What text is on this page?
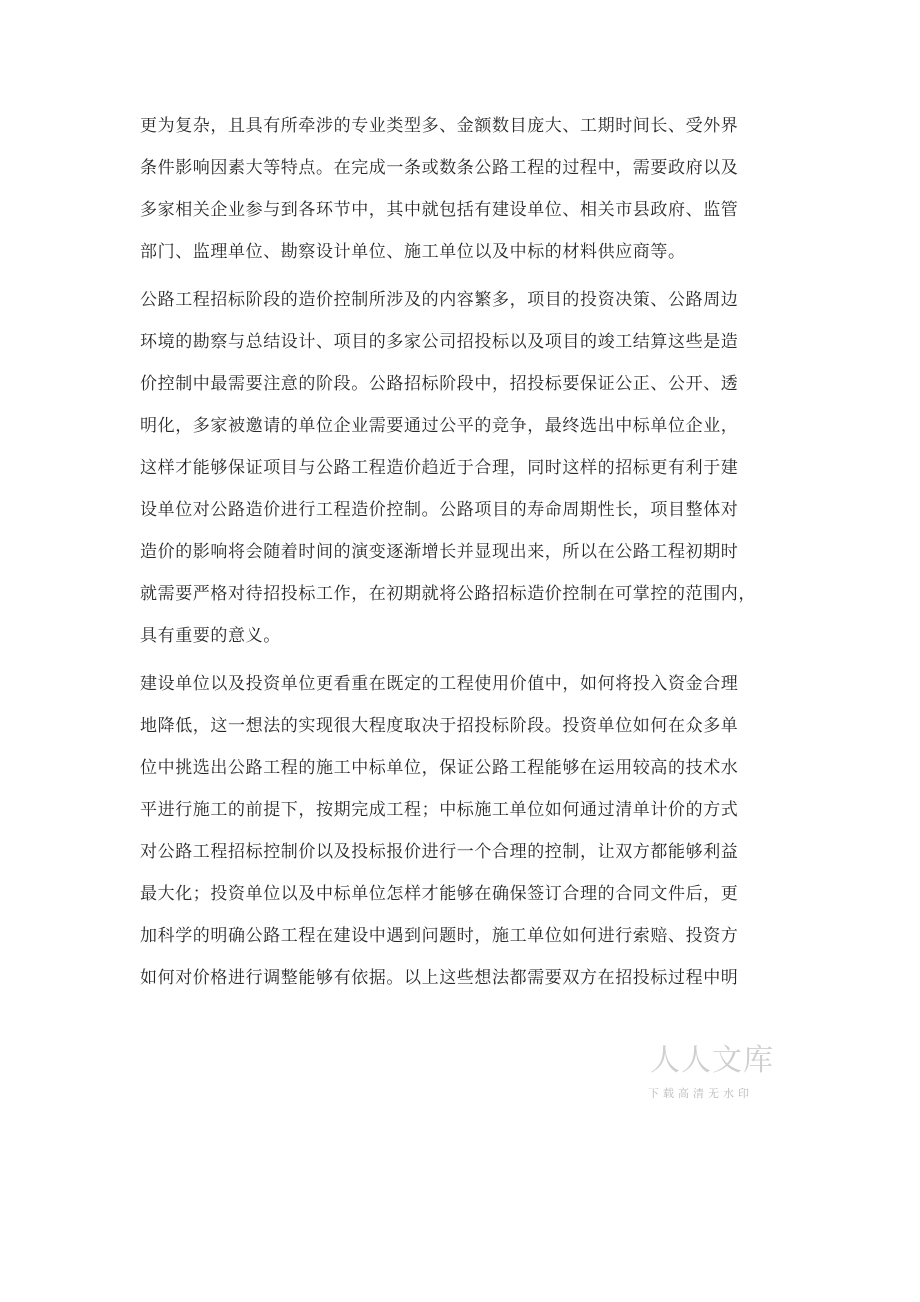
更为复杂，且具有所牵涉的专业类型多、金额数目庞大、工期时间长、受外界
条件影响因素大等特点。在完成一条或数条公路工程的过程中，需要政府以及
多家相关企业参与到各环节中，其中就包括有建设单位、相关市县政府、监管
部门、监理单位、勘察设计单位、施工单位以及中标的材料供应商等。
公路工程招标阶段的造价控制所涉及的内容繁多，项目的投资决策、公路周边
环境的勘察与总结设计、项目的多家公司招投标以及项目的竣工结算这些是造
价控制中最需要注意的阶段。公路招标阶段中，招投标要保证公正、公开、透
明化，多家被邀请的单位企业需要通过公平的竞争，最终选出中标单位企业，
这样才能够保证项目与公路工程造价趋近于合理，同时这样的招标更有利于建
设单位对公路造价进行工程造价控制。公路项目的寿命周期性长，项目整体对
造价的影响将会随着时间的演变逐渐增长并显现出来，所以在公路工程初期时
就需要严格对待招投标工作，在初期就将公路招标造价控制在可掌控的范围内，
具有重要的意义。
建设单位以及投资单位更看重在既定的工程使用价值中，如何将投入资金合理
地降低，这一想法的实现很大程度取决于招投标阶段。投资单位如何在众多单
位中挑选出公路工程的施工中标单位，保证公路工程能够在运用较高的技术水
平进行施工的前提下，按期完成工程；中标施工单位如何通过清单计价的方式
对公路工程招标控制价以及投标报价进行一个合理的控制，让双方都能够利益
最大化；投资单位以及中标单位怎样才能够在确保签订合理的合同文件后，更
加科学的明确公路工程在建设中遇到问题时，施工单位如何进行索赔、投资方
如何对价格进行调整能够有依据。以上这些想法都需要双方在招投标过程中明
人人文库
下载高清无水印
